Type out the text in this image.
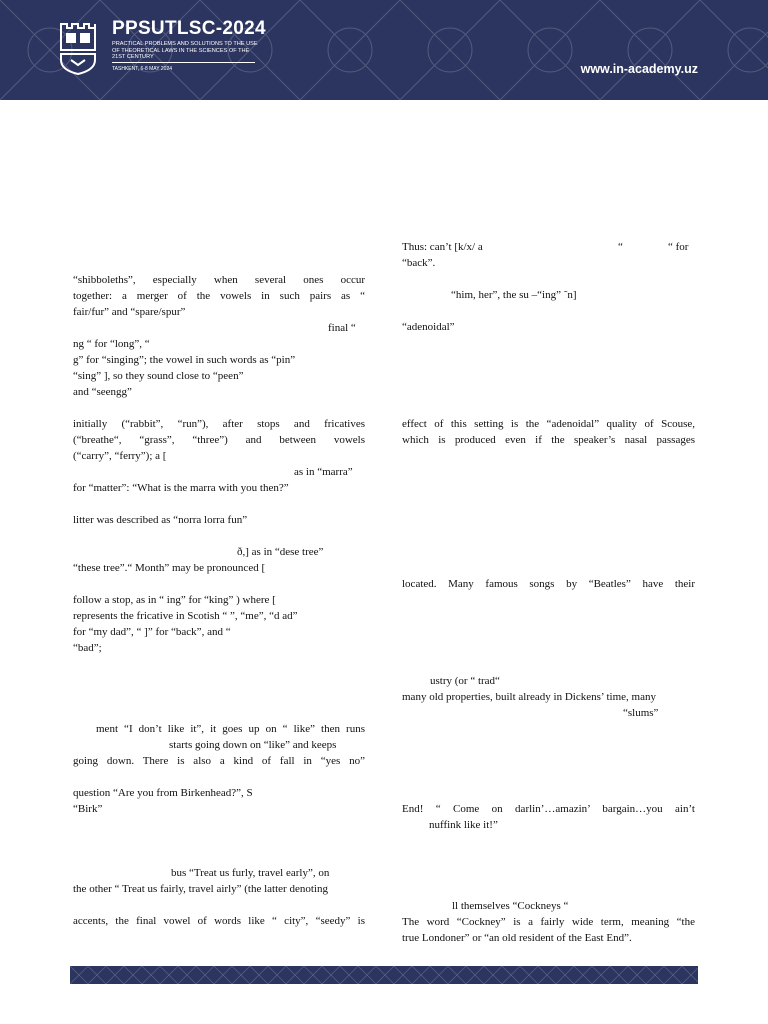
PPSUTLSC-2024
PRACTICAL PROBLEMS AND SOLUTIONS TO THE USE OF THEORETICAL LAWS IN THE SCIENCES OF THE 21ST CENTURY
TASHKENT, 6-8 MAY 2024	www.in-academy.uz
“shibboleths”, especially when several ones occur
together: a merger of the vowels in such pairs as “
fair/fur” and “spare/spur”
final “
ng “ for “long”, “
g” for “singing”; the vowel in such words as “pin”
“sing” ], so they sound close to “peen”
and “seengg”
initially (“rabbit”, “run”), after stops and fricatives
(“breathe“, “grass”, “three”) and between vowels
(“carry”, “ferry”); a [
as in “marra”
for “matter”: “What is the marra with you then?”
litter was described as “norra lorra fun”
ð,] as in “dese tree”
“these tree”.“ Month” may be pronounced [
follow a stop, as in “ ing” for “king” ) where [
represents the fricative in Scotish “ ”, “me”, “d ad”
for “my dad”, “ ]” for “back”, and “
“bad”;
ment “I don’t like it”, it goes up on “ like” then runs
starts going down on “like” and keeps
going down. There is also a kind of fall in “yes no”
question “Are you from Birkenhead?”, S
“Birk”
bus “Treat us furly, travel early”, on
the other “ Treat us fairly, travel airly” (the latter denoting
accents, the final vowel of words like “ city”, “seedy” is
Thus: can’t [k/x/ a	“	“ for
“back”.
“him, her”, the su –“ing” ˜n]
“adenoidal”
effect of this setting is the “adenoidal” quality of Scouse,
which is produced even if the speaker’s nasal passages
located. Many famous songs by “Beatles” have their
ustry (or “ trad“
many old properties, built already in Dickens’ time, many
“slums”
End! “ Come on darlin’…amazin’ bargain…you ain’t
nuffink like it!”
ll themselves “Cockneys “
The word “Cockney” is a fairly wide term, meaning “the
true Londoner” or “an old resident of the East End”.
